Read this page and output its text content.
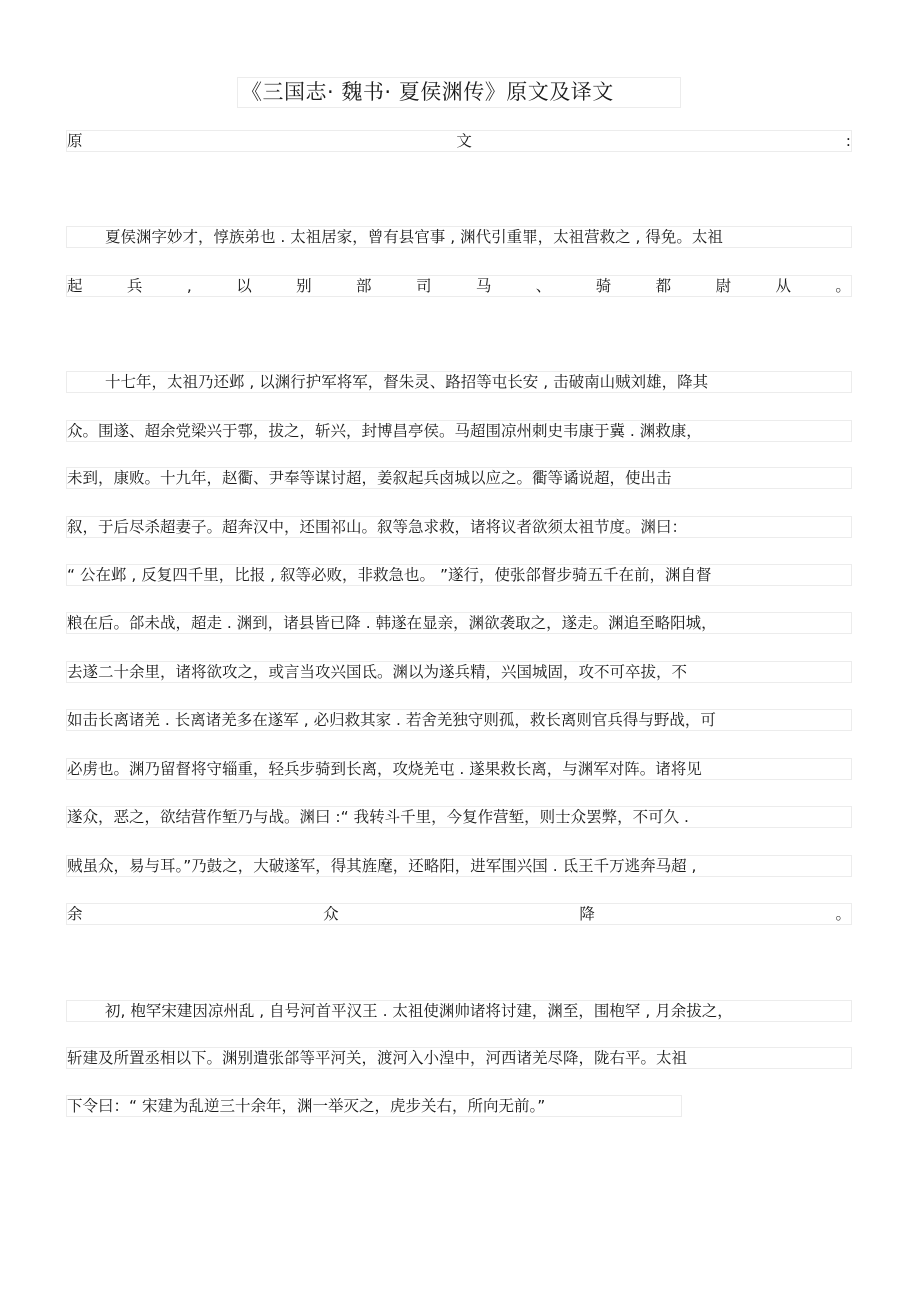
《三国志· 魏书· 夏侯渊传》原文及译文
原	文	:
夏侯渊字妙才，惇族弟也 . 太祖居家，曾有县官事 , 渊代引重罪，太祖营救之 , 得免。太祖
起	兵	,	以	别	部	司	马	、	骑	都	尉	从	。
十七年，太祖乃还邺 , 以渊行护军将军，督朱灵、路招等屯长安 , 击破南山贼刘雄，降其
众。围遂、超余党梁兴于鄠，拔之，斩兴，封博昌亭侯。马超围凉州刺史韦康于冀 . 渊救康，
未到，康败。十九年，赵衢、尹奉等谋讨超，姜叙起兵卤城以应之。衢等谲说超，使出击
叙，于后尽杀超妻子。超奔汉中，还围祁山。叙等急求救，诸将议者欲须太祖节度。渊曰：
“ 公在邺 , 反复四千里，比报 , 叙等必败，非救急也。 ”遂行，使张郃督步骑五千在前，渊自督
粮在后。郃未战，超走 . 渊到，诸县皆已降 . 韩遂在显亲，渊欲袭取之，遂走。渊追至略阳城，
去遂二十余里，诸将欲攻之，或言当攻兴国氐。渊以为遂兵精，兴国城固，攻不可卒拔，不
如击长离诸羌 . 长离诸羌多在遂军 , 必归救其家 . 若舍羌独守则孤，救长离则官兵得与野战，可
必虏也。渊乃留督将守辎重，轻兵步骑到长离，攻烧羌屯 . 遂果救长离，与渊军对阵。诸将见
遂众，恶之，欲结营作堑乃与战。渊曰 :“ 我转斗千里，今复作营堑，则士众罢弊，不可久 .
贼虽众，易与耳。”乃鼓之，大破遂军，得其旌麾，还略阳，进军围兴国 . 氐王千万逃奔马超 ,
余	众	降	。
初, 枹罕宋建因凉州乱 , 自号河首平汉王 . 太祖使渊帅诸将讨建，渊至，围枹罕 , 月余拔之，
斩建及所置丞相以下。渊别遣张郃等平河关，渡河入小湟中，河西诸羌尽降，陇右平。太祖
下令曰：“ 宋建为乱逆三十余年，渊一举灭之，虎步关右，所向无前。”
